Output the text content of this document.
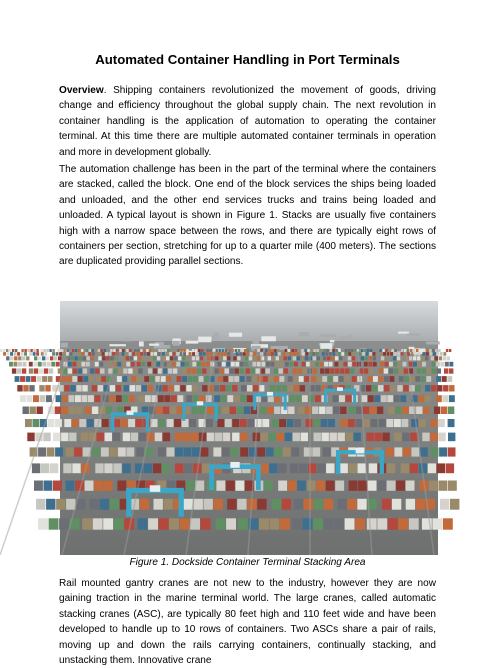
Automated Container Handling in Port Terminals

Overview. Shipping containers revolutionized the movement of goods, driving change and efficiency throughout the global supply chain. The next revolution in container handling is the application of automation to operating the container terminal. At this time there are multiple automated container terminals in operation and more in development globally.

The automation challenge has been in the part of the terminal where the containers are stacked, called the block. One end of the block services the ships being loaded and unloaded, and the other end services trucks and trains being loaded and unloaded. A typical layout is shown in Figure 1. Stacks are usually five containers high with a narrow space between the rows, and there are typically eight rows of containers per section, stretching for up to a quarter mile (400 meters). The sections are duplicated providing parallel sections.

Figure 1. Dockside Container Terminal Stacking Area

Rail mounted gantry cranes are not new to the industry, however they are now gaining traction in the marine terminal world. The large cranes, called automatic stacking cranes (ASC), are typically 80 feet high and 110 feet wide and have been developed to handle up to 10 rows of containers. Two ASCs share a pair of rails, moving up and down the rails carrying containers, continually stacking, and unstacking them. Innovative crane
